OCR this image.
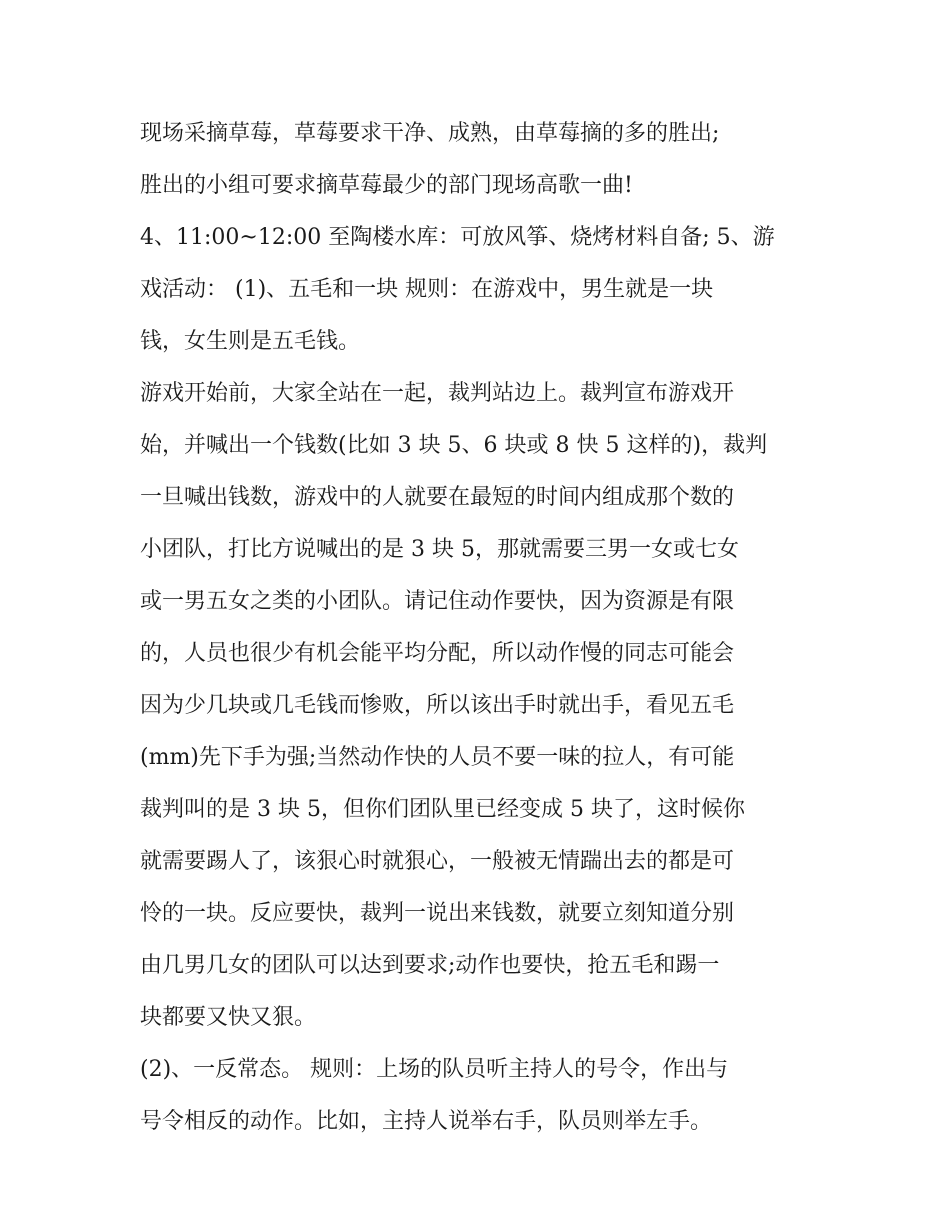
现场采摘草莓，草莓要求干净、成熟，由草莓摘的多的胜出;
胜出的小组可要求摘草莓最少的部门现场高歌一曲!
4、11:00~12:00 至陶楼水库：可放风筝、烧烤材料自备; 5、游
戏活动： (1)、五毛和一块 规则：在游戏中，男生就是一块
钱，女生则是五毛钱。
游戏开始前，大家全站在一起，裁判站边上。裁判宣布游戏开
始，并喊出一个钱数(比如 3 块 5、6 块或 8 快 5 这样的)，裁判
一旦喊出钱数，游戏中的人就要在最短的时间内组成那个数的
小团队，打比方说喊出的是 3 块 5，那就需要三男一女或七女
或一男五女之类的小团队。请记住动作要快，因为资源是有限
的，人员也很少有机会能平均分配，所以动作慢的同志可能会
因为少几块或几毛钱而惨败，所以该出手时就出手，看见五毛
(mm)先下手为强;当然动作快的人员不要一味的拉人，有可能
裁判叫的是 3 块 5，但你们团队里已经变成 5 块了，这时候你
就需要踢人了，该狠心时就狠心，一般被无情踹出去的都是可
怜的一块。反应要快，裁判一说出来钱数，就要立刻知道分别
由几男几女的团队可以达到要求;动作也要快，抢五毛和踢一
块都要又快又狠。
(2)、一反常态。 规则：上场的队员听主持人的号令，作出与
号令相反的动作。比如，主持人说举右手，队员则举左手。
